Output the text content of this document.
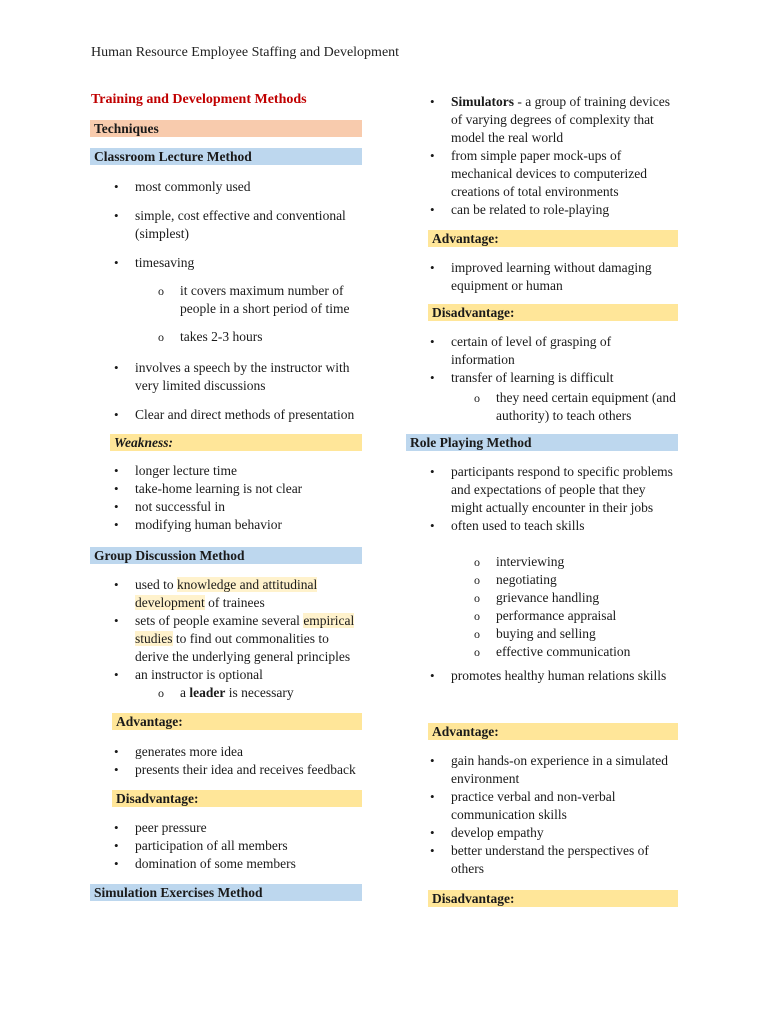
Human Resource Employee Staffing and Development
Training and Development Methods
Techniques
Classroom Lecture Method
• most commonly used
• simple, cost effective and conventional (simplest)
• timesaving
o it covers maximum number of people in a short period of time
o takes 2-3 hours
• involves a speech by the instructor with very limited discussions
• Clear and direct methods of presentation
Weakness:
• longer lecture time
• take-home learning is not clear
• not successful in
• modifying human behavior
Group Discussion Method
• used to knowledge and attitudinal development of trainees
• sets of people examine several empirical studies to find out commonalities to derive the underlying general principles
• an instructor is optional
o a leader is necessary
Advantage:
• generates more idea
• presents their idea and receives feedback
Disadvantage:
• peer pressure
• participation of all members
• domination of some members
Simulation Exercises Method
• Simulators - a group of training devices of varying degrees of complexity that model the real world
• from simple paper mock-ups of mechanical devices to computerized creations of total environments
• can be related to role-playing
Advantage:
• improved learning without damaging equipment or human
Disadvantage:
• certain of level of grasping of information
• transfer of learning is difficult
o they need certain equipment (and authority) to teach others
Role Playing Method
• participants respond to specific problems and expectations of people that they might actually encounter in their jobs
• often used to teach skills
o interviewing
o negotiating
o grievance handling
o performance appraisal
o buying and selling
o effective communication
• promotes healthy human relations skills
Advantage:
• gain hands-on experience in a simulated environment
• practice verbal and non-verbal communication skills
• develop empathy
• better understand the perspectives of others
Disadvantage:
